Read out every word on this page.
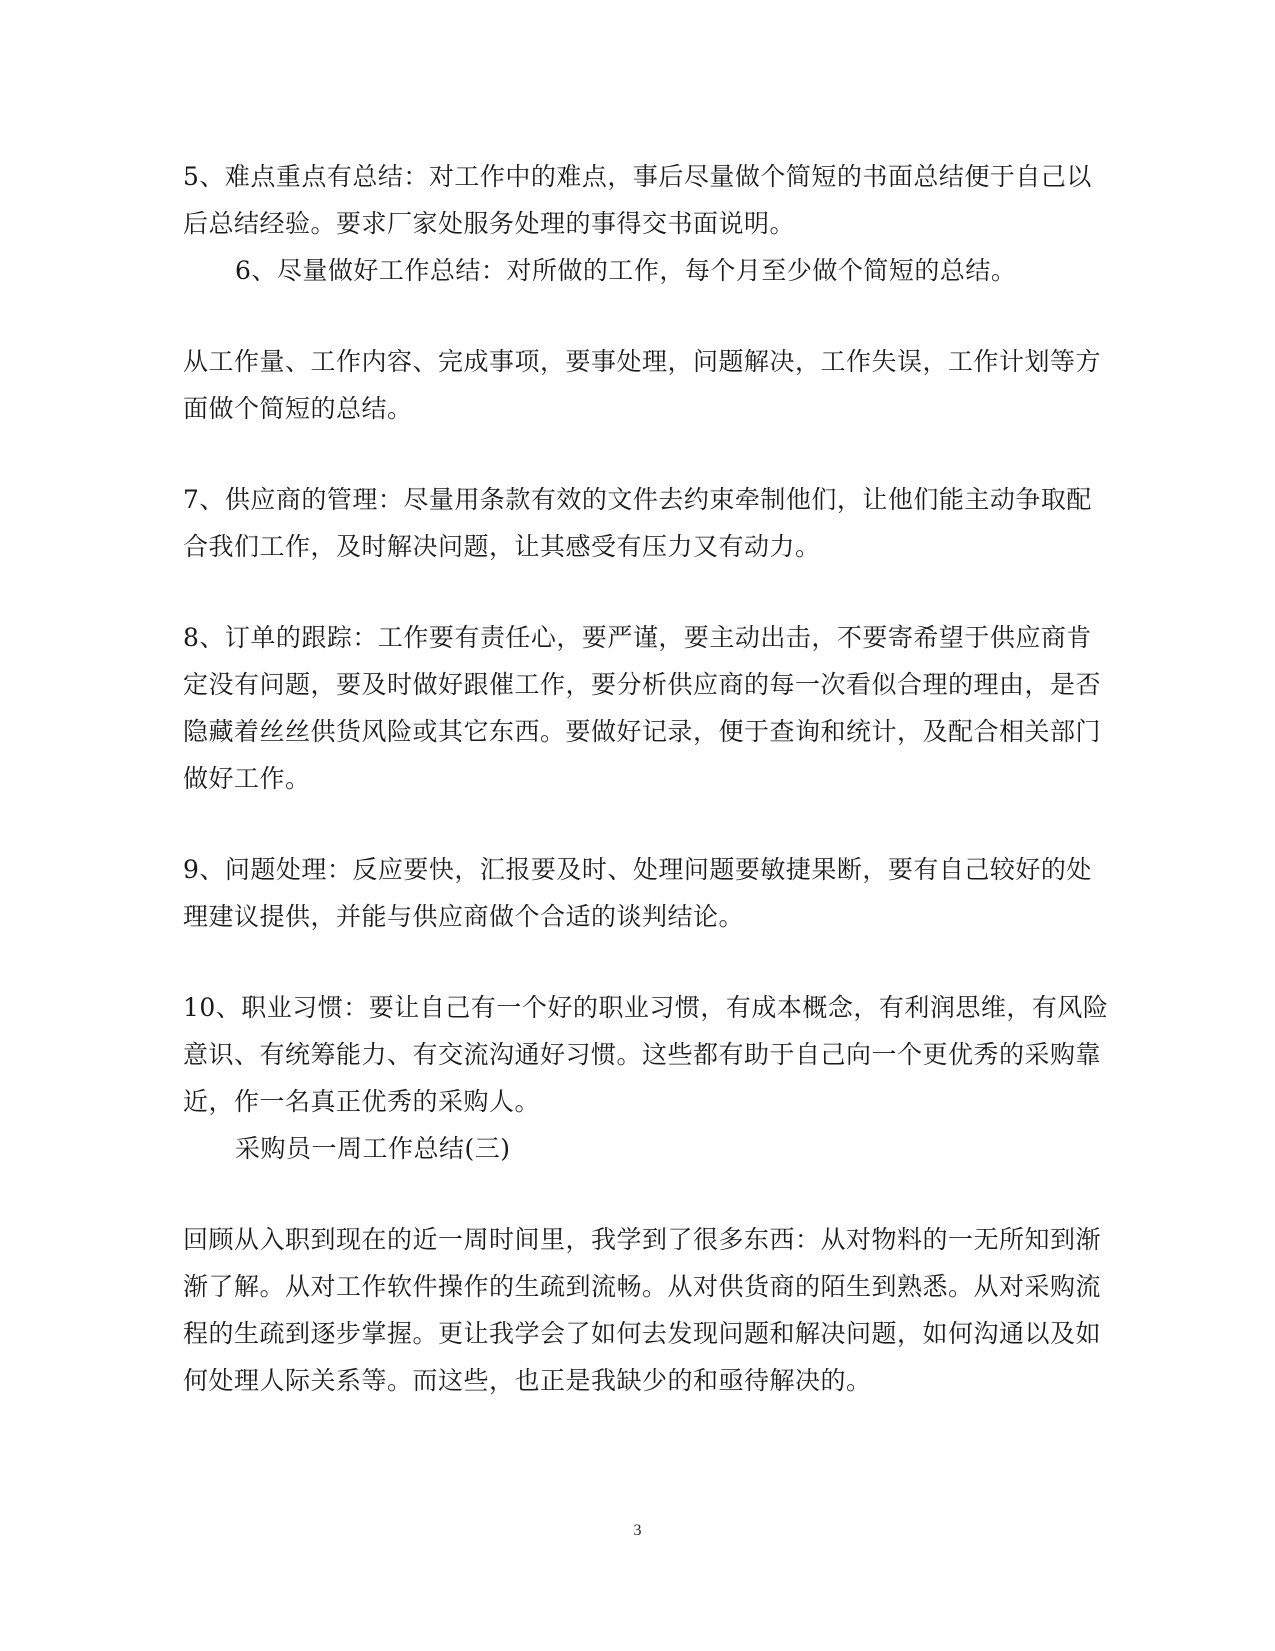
5、难点重点有总结：对工作中的难点，事后尽量做个简短的书面总结便于自己以
后总结经验。要求厂家处服务处理的事得交书面说明。
6、尽量做好工作总结：对所做的工作，每个月至少做个简短的总结。
从工作量、工作内容、完成事项，要事处理，问题解决，工作失误，工作计划等方
面做个简短的总结。
7、供应商的管理：尽量用条款有效的文件去约束牵制他们，让他们能主动争取配
合我们工作，及时解决问题，让其感受有压力又有动力。
8、订单的跟踪：工作要有责任心，要严谨，要主动出击，不要寄希望于供应商肯
定没有问题，要及时做好跟催工作，要分析供应商的每一次看似合理的理由，是否
隐藏着丝丝供货风险或其它东西。要做好记录，便于查询和统计，及配合相关部门
做好工作。
9、问题处理：反应要快，汇报要及时、处理问题要敏捷果断，要有自己较好的处
理建议提供，并能与供应商做个合适的谈判结论。
10、职业习惯：要让自己有一个好的职业习惯，有成本概念，有利润思维，有风险
意识、有统筹能力、有交流沟通好习惯。这些都有助于自己向一个更优秀的采购靠
近，作一名真正优秀的采购人。
采购员一周工作总结(三)
回顾从入职到现在的近一周时间里，我学到了很多东西：从对物料的一无所知到渐
渐了解。从对工作软件操作的生疏到流畅。从对供货商的陌生到熟悉。从对采购流
程的生疏到逐步掌握。更让我学会了如何去发现问题和解决问题，如何沟通以及如
何处理人际关系等。而这些，也正是我缺少的和亟待解决的。
3
